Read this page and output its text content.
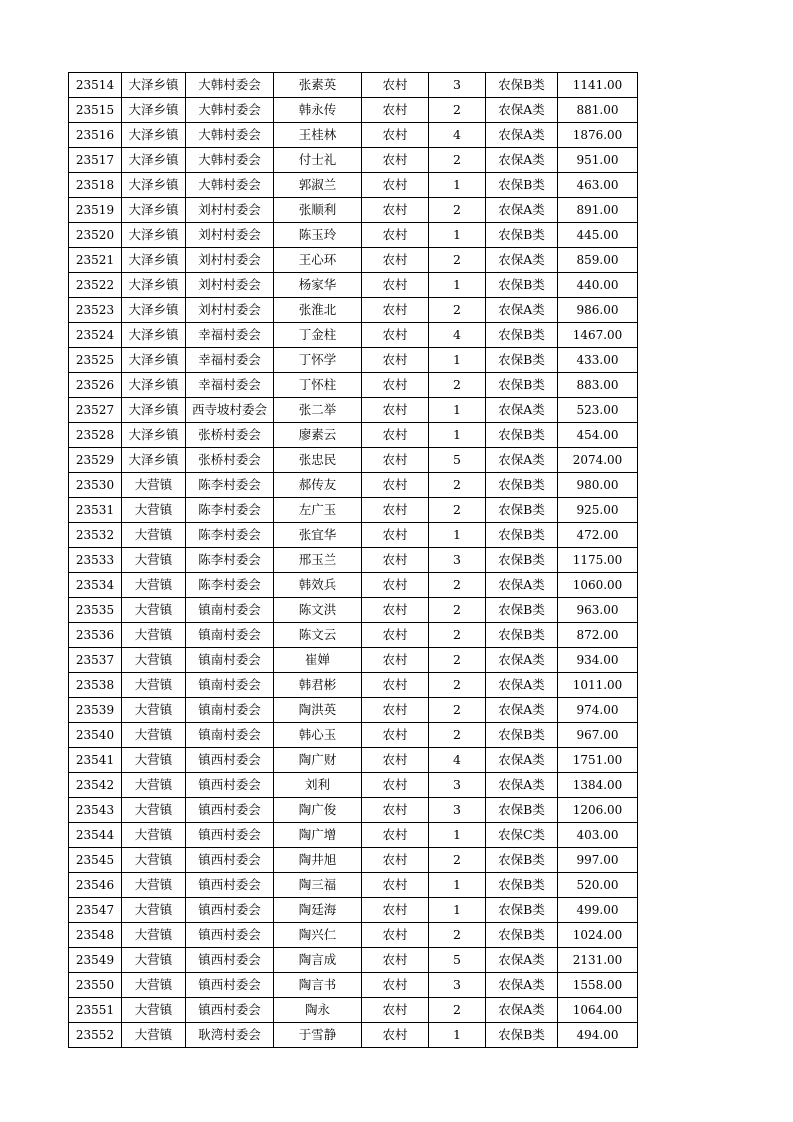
23514	大泽乡镇	大韩村委会	张素英	农村	3	农保B类	1141.00
23515	大泽乡镇	大韩村委会	韩永传	农村	2	农保A类	881.00
23516	大泽乡镇	大韩村委会	王桂林	农村	4	农保A类	1876.00
23517	大泽乡镇	大韩村委会	付士礼	农村	2	农保A类	951.00
23518	大泽乡镇	大韩村委会	郭淑兰	农村	1	农保B类	463.00
23519	大泽乡镇	刘村村委会	张顺利	农村	2	农保A类	891.00
23520	大泽乡镇	刘村村委会	陈玉玲	农村	1	农保B类	445.00
23521	大泽乡镇	刘村村委会	王心环	农村	2	农保A类	859.00
23522	大泽乡镇	刘村村委会	杨家华	农村	1	农保B类	440.00
23523	大泽乡镇	刘村村委会	张淮北	农村	2	农保A类	986.00
23524	大泽乡镇	幸福村委会	丁金柱	农村	4	农保B类	1467.00
23525	大泽乡镇	幸福村委会	丁怀学	农村	1	农保B类	433.00
23526	大泽乡镇	幸福村委会	丁怀柱	农村	2	农保B类	883.00
23527	大泽乡镇	西寺坡村委会	张二举	农村	1	农保A类	523.00
23528	大泽乡镇	张桥村委会	廖素云	农村	1	农保B类	454.00
23529	大泽乡镇	张桥村委会	张忠民	农村	5	农保A类	2074.00
23530	大营镇	陈李村委会	郝传友	农村	2	农保B类	980.00
23531	大营镇	陈李村委会	左广玉	农村	2	农保B类	925.00
23532	大营镇	陈李村委会	张宜华	农村	1	农保B类	472.00
23533	大营镇	陈李村委会	邢玉兰	农村	3	农保B类	1175.00
23534	大营镇	陈李村委会	韩效兵	农村	2	农保A类	1060.00
23535	大营镇	镇南村委会	陈文洪	农村	2	农保B类	963.00
23536	大营镇	镇南村委会	陈文云	农村	2	农保B类	872.00
23537	大营镇	镇南村委会	崔婵	农村	2	农保A类	934.00
23538	大营镇	镇南村委会	韩君彬	农村	2	农保A类	1011.00
23539	大营镇	镇南村委会	陶洪英	农村	2	农保A类	974.00
23540	大营镇	镇南村委会	韩心玉	农村	2	农保B类	967.00
23541	大营镇	镇西村委会	陶广财	农村	4	农保A类	1751.00
23542	大营镇	镇西村委会	刘利	农村	3	农保A类	1384.00
23543	大营镇	镇西村委会	陶广俊	农村	3	农保B类	1206.00
23544	大营镇	镇西村委会	陶广增	农村	1	农保C类	403.00
23545	大营镇	镇西村委会	陶井旭	农村	2	农保B类	997.00
23546	大营镇	镇西村委会	陶三福	农村	1	农保B类	520.00
23547	大营镇	镇西村委会	陶廷海	农村	1	农保B类	499.00
23548	大营镇	镇西村委会	陶兴仁	农村	2	农保B类	1024.00
23549	大营镇	镇西村委会	陶言成	农村	5	农保A类	2131.00
23550	大营镇	镇西村委会	陶言书	农村	3	农保A类	1558.00
23551	大营镇	镇西村委会	陶永	农村	2	农保A类	1064.00
23552	大营镇	耿湾村委会	于雪静	农村	1	农保B类	494.00
